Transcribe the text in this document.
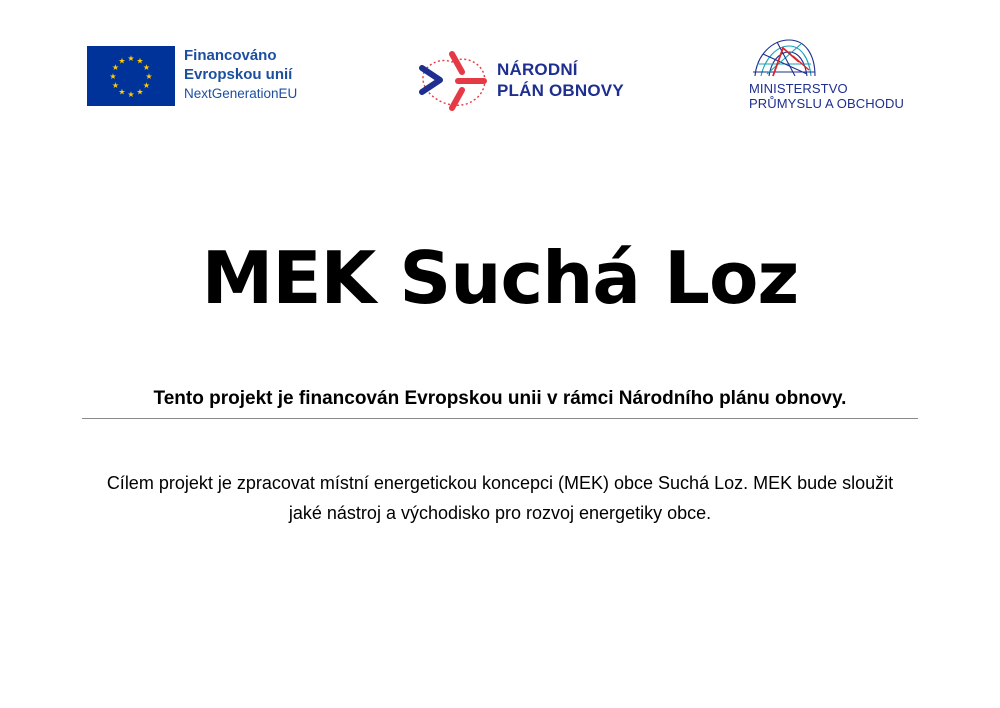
★ ★
★
★
★
★
★
★
★
★
★
★	Financováno
Evropskou unií
NextGenerationEU
NÁRODNÍ
PLÁN OBNOVY	MINISTERSTVO
PRŮMYSLU A OBCHODU
MEK Suchá Loz
Tento projekt je financován Evropskou unii v rámci Národního plánu obnovy.
Cílem projekt je zpracovat místní energetickou koncepci (MEK) obce Suchá Loz. MEK bude sloužit jaké nástroj a východisko pro rozvoj energetiky obce.
